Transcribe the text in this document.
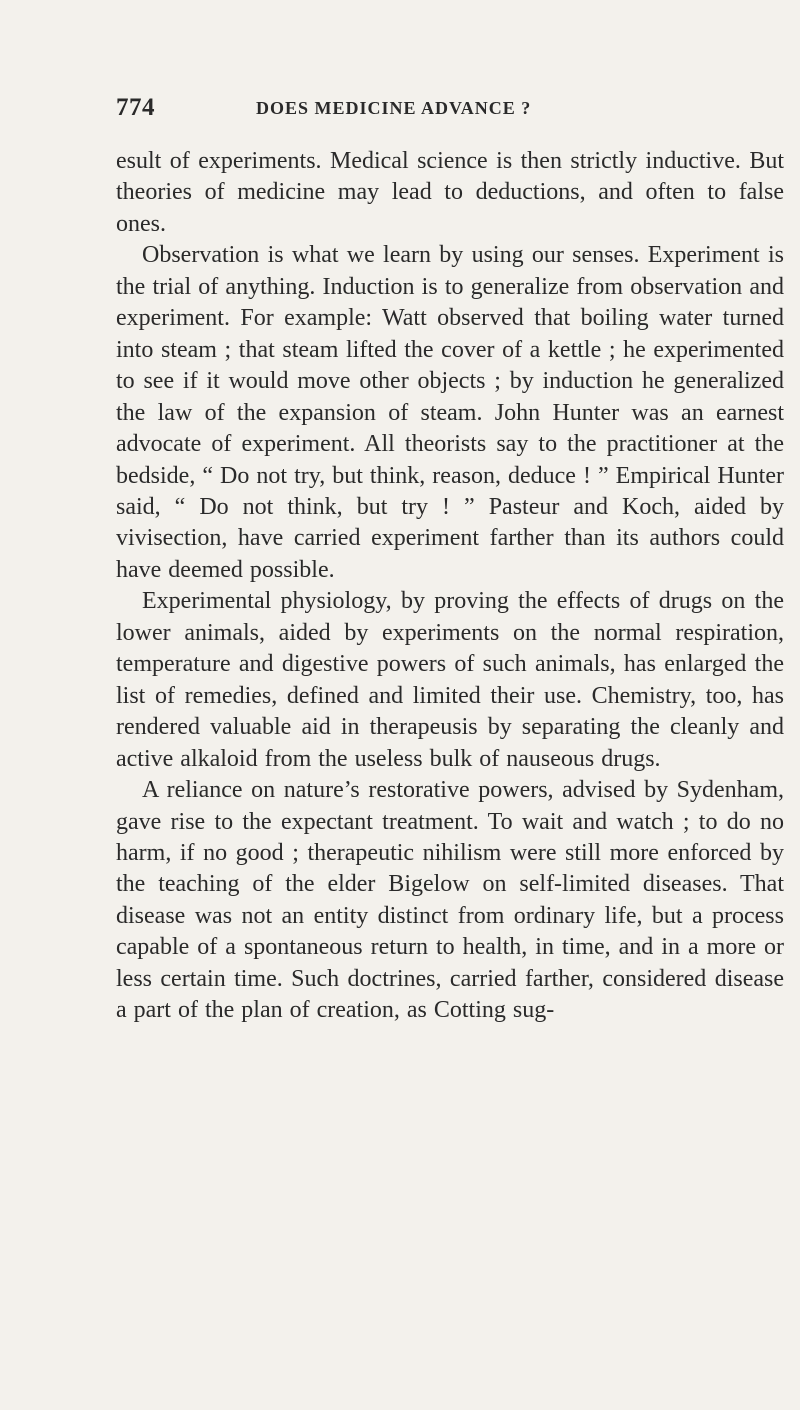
774	DOES MEDICINE ADVANCE ?

esult of experiments. Medical science is then strictly inductive. But theories of medicine may lead to deductions, and often to false ones.

Observation is what we learn by using our senses. Experiment is the trial of anything. Induction is to generalize from observation and experiment. For example: Watt observed that boiling water turned into steam ; that steam lifted the cover of a kettle ; he experimented to see if it would move other objects ; by induction he generalized the law of the expansion of steam. John Hunter was an earnest advocate of experiment. All theorists say to the practitioner at the bedside, “ Do not try, but think, reason, deduce ! ” Empirical Hunter said, “ Do not think, but try ! ” Pasteur and Koch, aided by vivisection, have carried experiment farther than its authors could have deemed possible.

Experimental physiology, by proving the effects of drugs on the lower animals, aided by experiments on the normal respiration, temperature and digestive powers of such animals, has enlarged the list of remedies, defined and limited their use. Chemistry, too, has rendered valuable aid in therapeusis by separating the cleanly and active alkaloid from the useless bulk of nauseous drugs.

A reliance on nature’s restorative powers, advised by Sydenham, gave rise to the expectant treatment. To wait and watch ; to do no harm, if no good ; therapeutic nihilism were still more enforced by the teaching of the elder Bigelow on self-limited diseases. That disease was not an entity distinct from ordinary life, but a process capable of a spontaneous return to health, in time, and in a more or less certain time. Such doctrines, carried farther, considered disease a part of the plan of creation, as Cotting sug-
